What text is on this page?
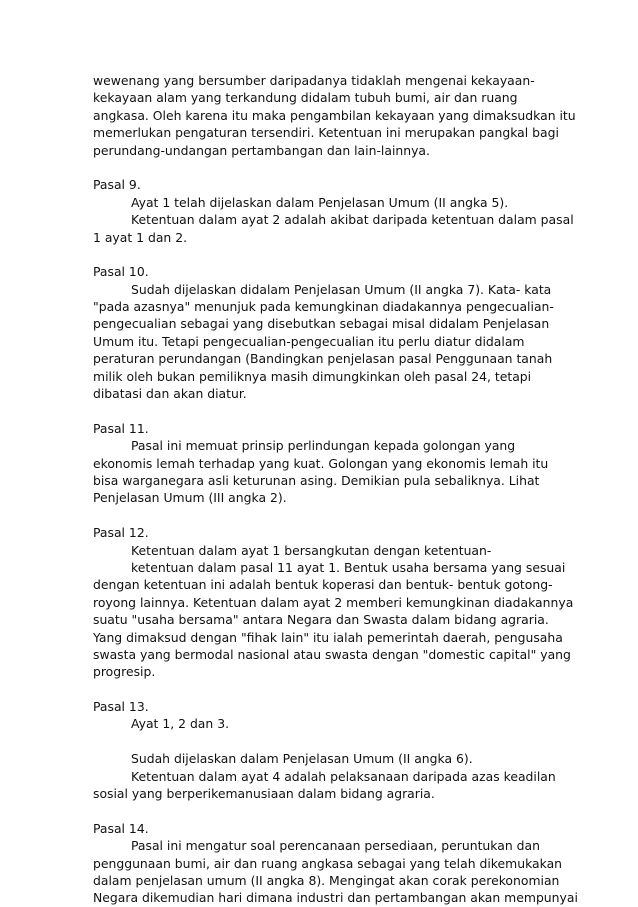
wewenang yang bersumber daripadanya tidaklah mengenai kekayaan-
kekayaan alam yang terkandung didalam tubuh bumi, air dan ruang
angkasa. Oleh karena itu maka pengambilan kekayaan yang dimaksudkan itu
memerlukan pengaturan tersendiri. Ketentuan ini merupakan pangkal bagi
perundang-undangan pertambangan dan lain-lainnya.
Pasal 9.
Ayat 1 telah dijelaskan dalam Penjelasan Umum (II angka 5).
Ketentuan dalam ayat 2 adalah akibat daripada ketentuan dalam pasal
1 ayat 1 dan 2.
Pasal 10.
Sudah dijelaskan didalam Penjelasan Umum (II angka 7). Kata- kata
"pada azasnya" menunjuk pada kemungkinan diadakannya pengecualian-
pengecualian sebagai yang disebutkan sebagai misal didalam Penjelasan
Umum itu. Tetapi pengecualian-pengecualian itu perlu diatur didalam
peraturan perundangan (Bandingkan penjelasan pasal Penggunaan tanah
milik oleh bukan pemiliknya masih dimungkinkan oleh pasal 24, tetapi
dibatasi dan akan diatur.
Pasal 11.
Pasal ini memuat prinsip perlindungan kepada golongan yang
ekonomis lemah terhadap yang kuat. Golongan yang ekonomis lemah itu
bisa warganegara asli keturunan asing. Demikian pula sebaliknya. Lihat
Penjelasan Umum (III angka 2).
Pasal 12.
Ketentuan dalam ayat 1 bersangkutan dengan ketentuan-
ketentuan dalam pasal 11 ayat 1. Bentuk usaha bersama yang sesuai
dengan ketentuan ini adalah bentuk koperasi dan bentuk- bentuk gotong-
royong lainnya. Ketentuan dalam ayat 2 memberi kemungkinan diadakannya
suatu "usaha bersama" antara Negara dan Swasta dalam bidang agraria.
Yang dimaksud dengan "fihak lain" itu ialah pemerintah daerah, pengusaha
swasta yang bermodal nasional atau swasta dengan "domestic capital" yang
progresip.
Pasal 13.
Ayat 1, 2 dan 3.
Sudah dijelaskan dalam Penjelasan Umum (II angka 6).
Ketentuan dalam ayat 4 adalah pelaksanaan daripada azas keadilan
sosial yang berperikemanusiaan dalam bidang agraria.
Pasal 14.
Pasal ini mengatur soal perencanaan persediaan, peruntukan dan
penggunaan bumi, air dan ruang angkasa sebagai yang telah dikemukakan
dalam penjelasan umum (II angka 8). Mengingat akan corak perekonomian
Negara dikemudian hari dimana industri dan pertambangan akan mempunyai
